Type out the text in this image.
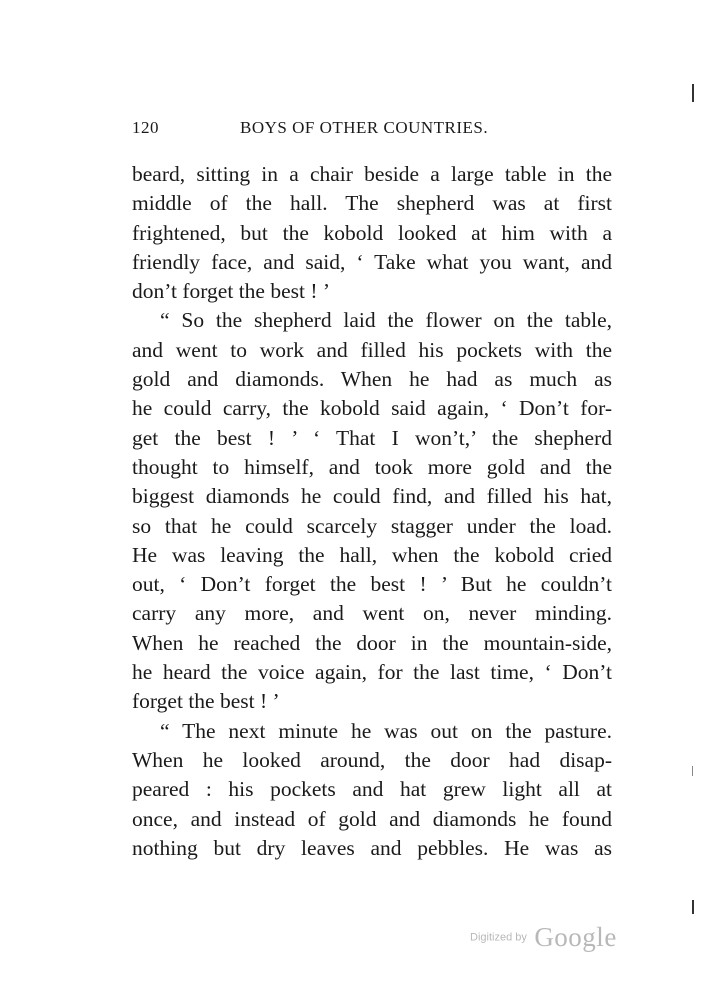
120	BOYS OF OTHER COUNTRIES.
beard, sitting in a chair beside a large table in the
middle of the hall. The shepherd was at first
frightened, but the kobold looked at him with a
friendly face, and said, ‘ Take what you want, and
don’t forget the best ! ’
“ So the shepherd laid the flower on the table,
and went to work and filled his pockets with the
gold and diamonds. When he had as much as
he could carry, the kobold said again, ‘ Don’t for-
get the best ! ’ ‘ That I won’t,’ the shepherd
thought to himself, and took more gold and the
biggest diamonds he could find, and filled his hat,
so that he could scarcely stagger under the load.
He was leaving the hall, when the kobold cried
out, ‘ Don’t forget the best ! ’ But he couldn’t
carry any more, and went on, never minding.
When he reached the door in the mountain-side,
he heard the voice again, for the last time, ‘ Don’t
forget the best ! ’
“ The next minute he was out on the pasture.
When he looked around, the door had disap-
peared : his pockets and hat grew light all at
once, and instead of gold and diamonds he found
nothing but dry leaves and pebbles. He was as
Digitized by Google
